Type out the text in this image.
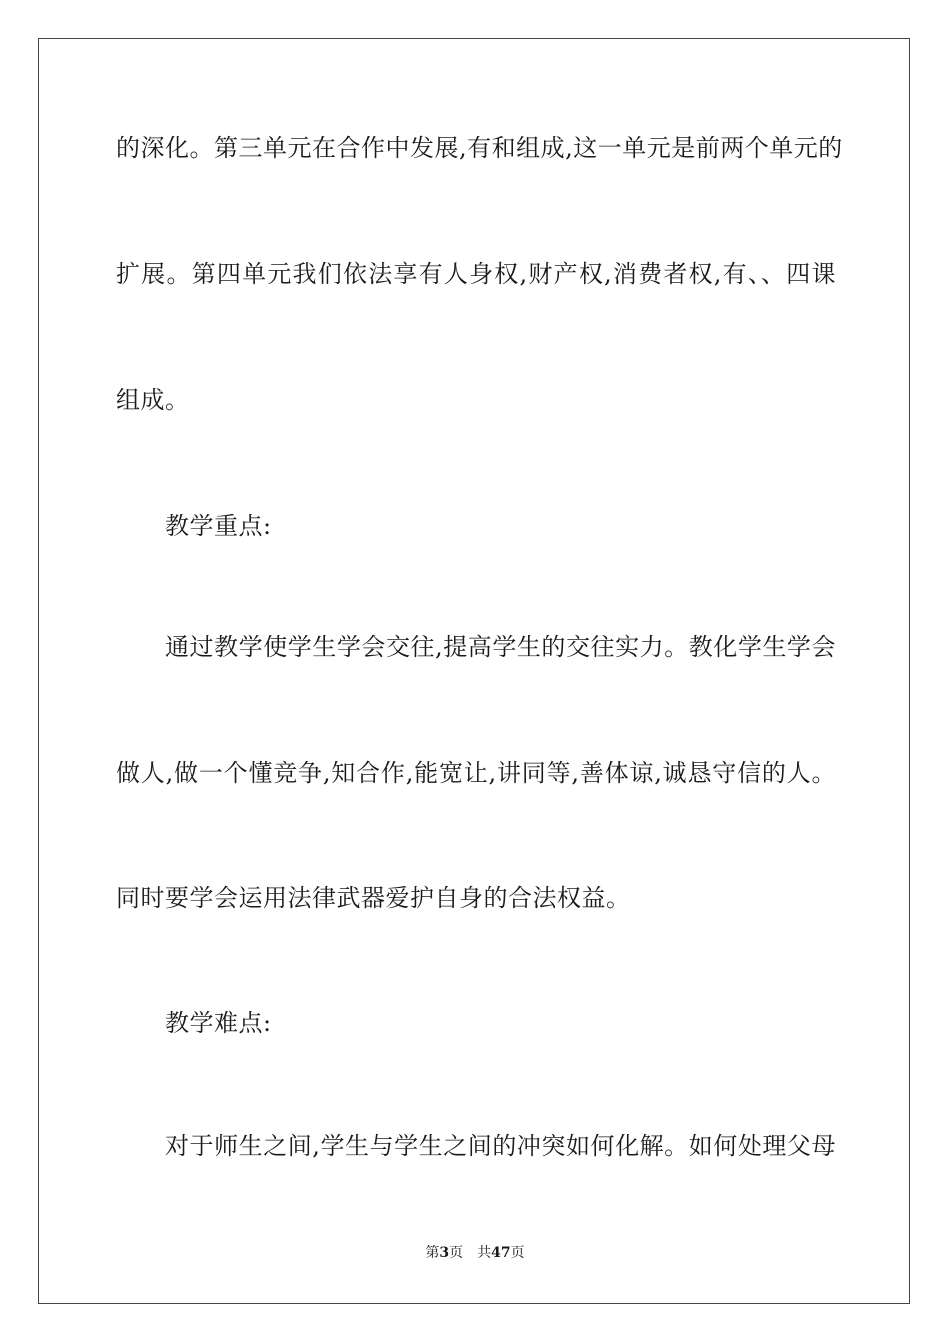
的深化。第三单元在合作中发展,有和组成,这一单元是前两个单元的
扩展。第四单元我们依法享有人身权,财产权,消费者权,有、、四课
组成。
教学重点:
通过教学使学生学会交往,提高学生的交往实力。教化学生学会
做人,做一个懂竞争,知合作,能宽让,讲同等,善体谅,诚恳守信的人。
同时要学会运用法律武器爱护自身的合法权益。
教学难点:
对于师生之间,学生与学生之间的冲突如何化解。如何处理父母
第3页 共47页
